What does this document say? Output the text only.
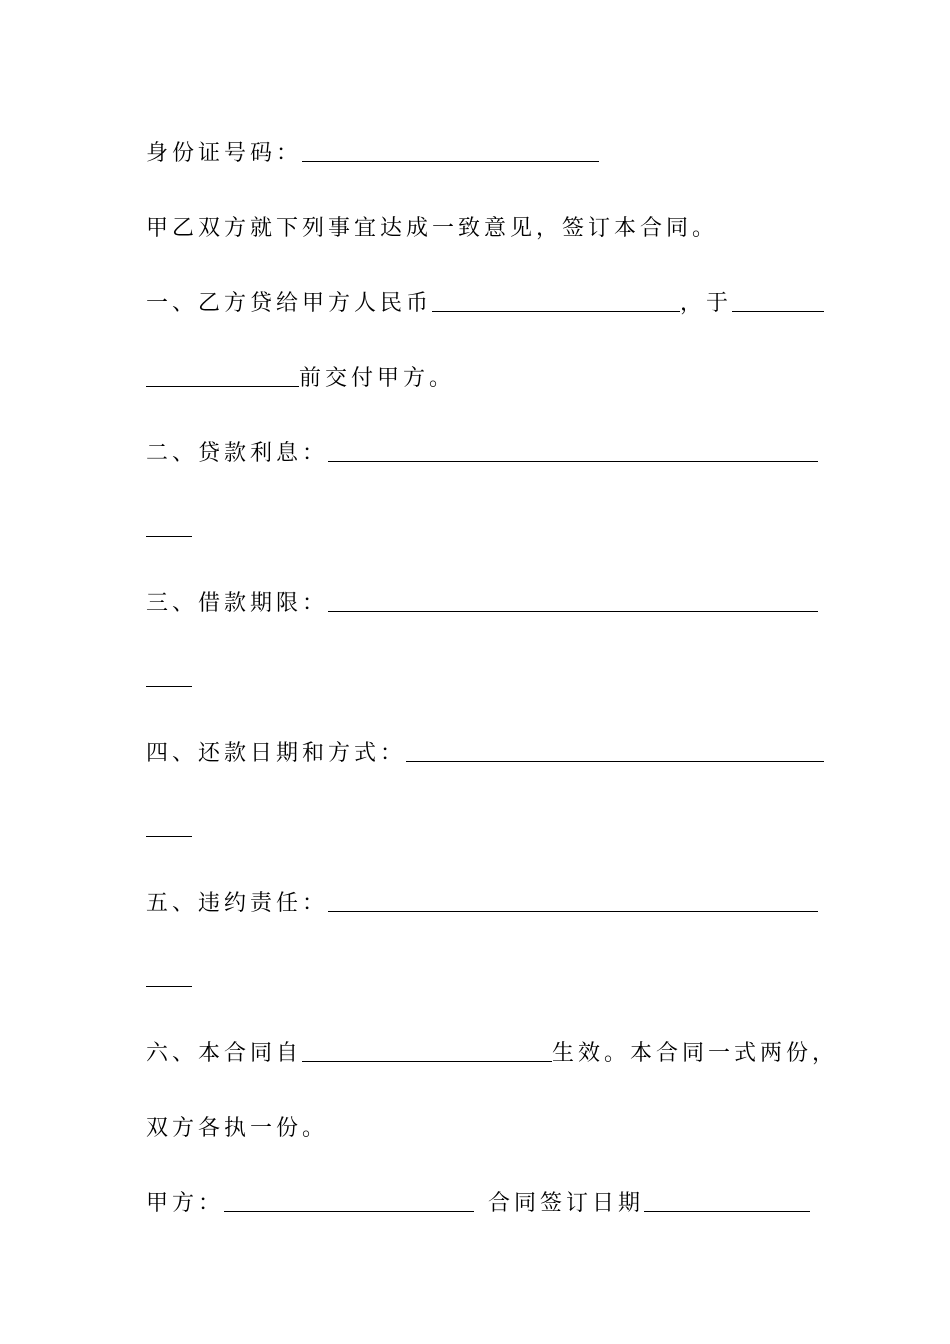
身份证号码：
甲乙双方就下列事宜达成一致意见，签订本合同。
一、乙方贷给甲方人民币	，于
前交付甲方。
二、贷款利息：
三、借款期限：
四、还款日期和方式：
五、违约责任：
六、本合同自	生效。本合同一式两份，
双方各执一份。
甲方：	合同签订日期
